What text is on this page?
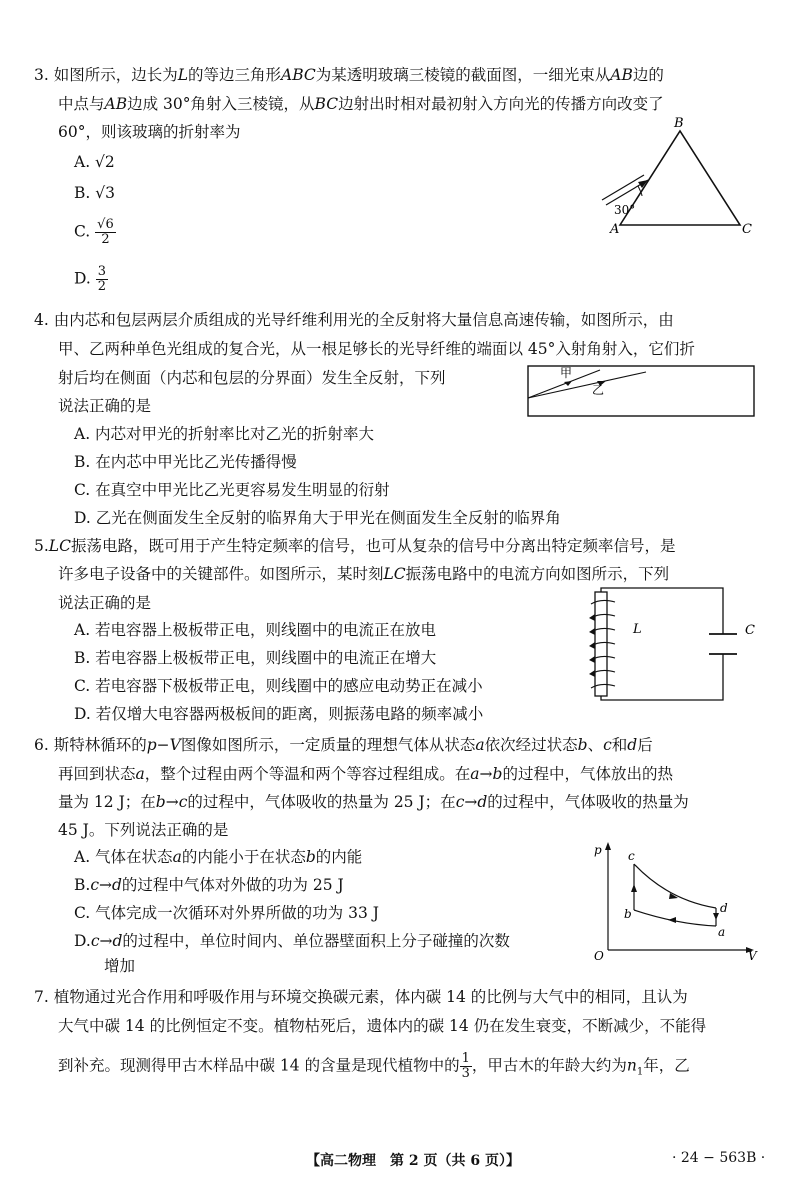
3. 如图所示，边长为L的等边三角形ABC为某透明玻璃三棱镜的截面图，一细光束从AB边的
中点与AB边成 30°角射入三棱镜，从BC边射出时相对最初射入方向光的传播方向改变了
60°，则该玻璃的折射率为
A. √2
B. √3
C. $\frac{√6}{2}$
D. $\frac{3}{2}$
30°
A
B
C
4. 由内芯和包层两层介质组成的光导纤维利用光的全反射将大量信息高速传输，如图所示，由
甲、乙两种单色光组成的复合光，从一根足够长的光导纤维的端面以 45°入射角射入，它们折
射后均在侧面（内芯和包层的分界面）发生全反射，下列
说法正确的是
A. 内芯对甲光的折射率比对乙光的折射率大
B. 在内芯中甲光比乙光传播得慢
C. 在真空中甲光比乙光更容易发生明显的衍射
D. 乙光在侧面发生全反射的临界角大于甲光在侧面发生全反射的临界角
甲
乙
5.LC振荡电路，既可用于产生特定频率的信号，也可从复杂的信号中分离出特定频率信号，是
许多电子设备中的关键部件。如图所示，某时刻LC振荡电路中的电流方向如图所示，下列
说法正确的是
A. 若电容器上极板带正电，则线圈中的电流正在放电
B. 若电容器上极板带正电，则线圈中的电流正在增大
C. 若电容器下极板带正电，则线圈中的感应电动势正在减小
D. 若仅增大电容器两极板间的距离，则振荡电路的频率减小
L	C
6. 斯特林循环的p−V图像如图所示，一定质量的理想气体从状态a依次经过状态b、c和d后
再回到状态a，整个过程由两个等温和两个等容过程组成。在a→b的过程中，气体放出的热
量为 12 J；在b→c的过程中，气体吸收的热量为 25 J；在c→d的过程中，气体吸收的热量为
45 J。下列说法正确的是
A. 气体在状态a的内能小于在状态b的内能
B.c→d的过程中气体对外做的功为 25 J
C. 气体完成一次循环对外界所做的功为 33 J
D.c→d的过程中，单位时间内、单位器壁面积上分子碰撞的次数
增加
p
V
O
c
b	d
a
7. 植物通过光合作用和呼吸作用与环境交换碳元素，体内碳 14 的比例与大气中的相同，且认为
大气中碳 14 的比例恒定不变。植物枯死后，遗体内的碳 14 仍在发生衰变，不断减少，不能得
到补充。现测得甲古木样品中碳 14 的含量是现代植物中的 $\frac{1}{3}$ ，甲古木的年龄大约为$n_1$年，乙
【高二物理　第 2 页（共 6 页）】	· 24 − 563B ·
